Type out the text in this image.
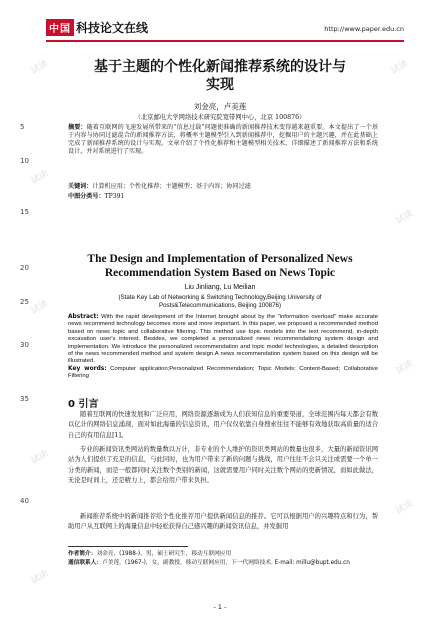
试读	试读
试读
试读
试读
试读
试读
试读
试读
中国 科技论文在线	http://www.paper.edu.cn
5
10
15
20
25
30
35
40
基于主题的个性化新闻推荐系统的设计与
实现
刘金亮，卢美莲
（北京邮电大学网络技术研究院宽带网中心，北京 100876）
摘要：随着互联网的飞速发展所带来的“信息过载”问题使准确的新闻推荐技术变得越来越重要。本文提出了一个基于内容与协同过滤混合的新闻推荐方法，将概率主题模型引入到新闻推荐中，挖掘用户的主题兴趣，并在此基础上完成了新闻推荐系统的设计与实现。文章介绍了个性化推荐和主题模型相关技术，详细描述了新闻推荐方法和系统设计，并对系统进行了实现。
关键词：计算机应用；个性化推荐；主题模型；基于内容；协同过滤
中图分类号：TP391
The Design and Implementation of Personalized News
Recommendation System Based on News Topic
Liu Jinliang, Lu Meilian
(State Key Lab of Networking & Switching Technology,Beijing University of
Posts&Telecommunications, Beijing 100876)
Abstract: With the rapid development of the Internet brought about by the "information overload" make accurate news recommend technology becomes more and more important. In this paper, we proposed a recommended method based on news topic and collaborative filtering. This method use topic models into the text recommend, in-depth excavation user's interest. Besides, we completed a personalized news recommendationg system design and implementation. We introduce the personalized recommendation and topic model technologies, a detailed description of the news recommended method and system design.A news recommendation system based on this design will be illustrated.
Key words: Computer application;Personalized Recommendation; Topic Models; Content-Based; Collaborative Filtering
0 引言
随着互联网的快速发展和广泛应用，网络资源逐渐成为人们获知信息的重要渠道，全球范围内每天都会有数以亿计的网络信息涌现，面对如此海量的信息资讯，用户仅仅依靠自身搜索往往不能够有效地获取高质量的适合自己的有用信息[1]。
专业的新闻资讯类网站的数量数以万计，非专业的个人维护的资讯类网站的数量也很多，大量的新闻资讯网站为人们提供了充足的信息，与此同时，也为用户带来了新的问题与挑战，用户往往不会只关注或需要一个单一分类的新闻，而是一般都同时关注数个类别的新闻，这就需要用户同时关注数个网站的更新情况，而如此做法，无论是时间上，还是精力上，都会给用户带来负担。
新闻推荐系统中的新闻推荐给个性化推荐用户提供新闻信息的推荐。它可以根据用户的兴趣特点和行为，帮助用户从互联网上的海量信息中轻松获得自己感兴趣的新闻资讯信息，并发掘用
作者简介：刘金亮，(1988-)，男，硕士研究生，移动互联网应用
通信联系人：卢美莲，(1967-)，女，副教授，移动互联网应用，下一代网络技术. E-mail: millu@bupt.edu.cn
- 1 -
